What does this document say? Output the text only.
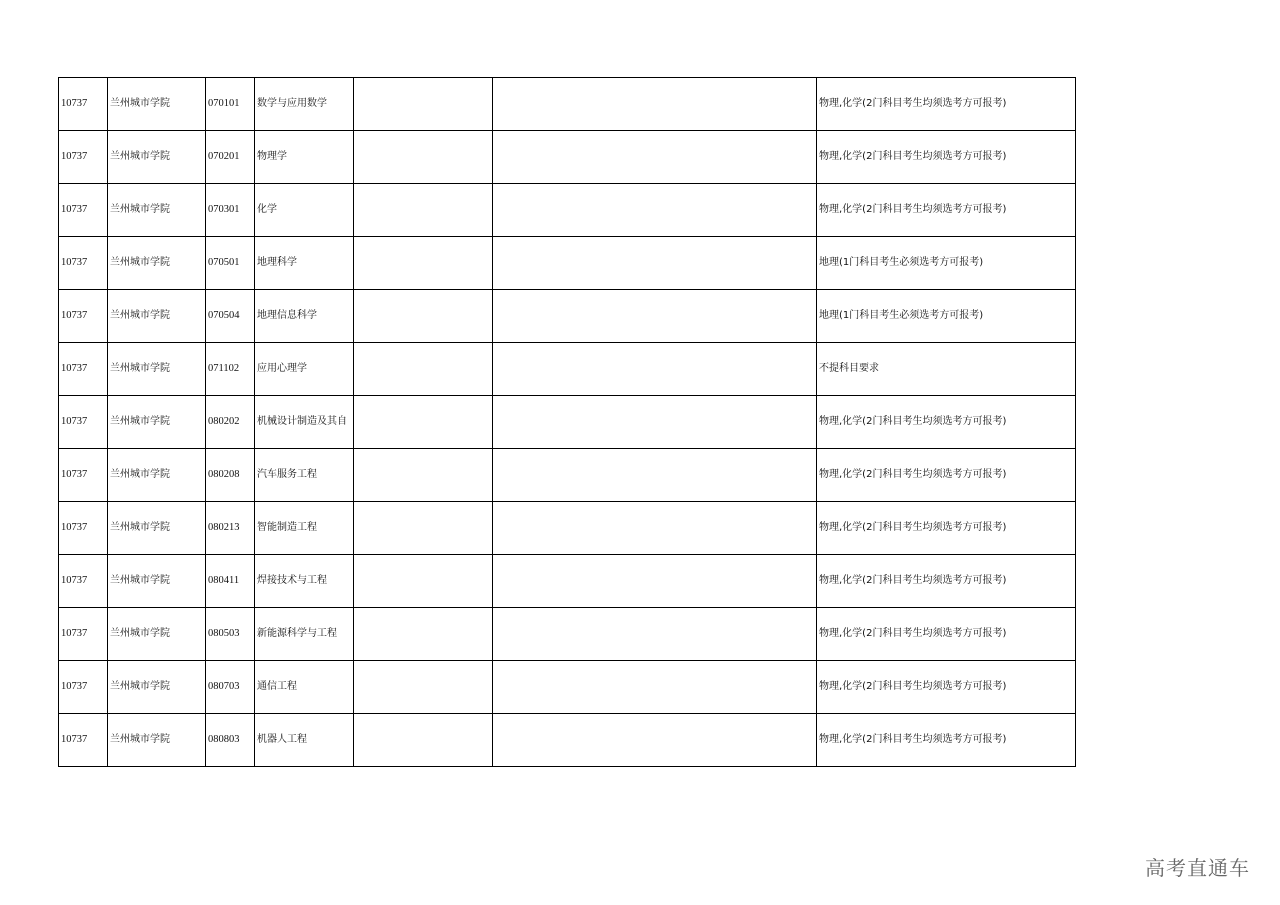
10737	兰州城市学院	070101	数学与应用数学			物理,化学(2门科目考生均须选考方可报考)
10737	兰州城市学院	070201	物理学			物理,化学(2门科目考生均须选考方可报考)
10737	兰州城市学院	070301	化学			物理,化学(2门科目考生均须选考方可报考)
10737	兰州城市学院	070501	地理科学			地理(1门科目考生必须选考方可报考)
10737	兰州城市学院	070504	地理信息科学			地理(1门科目考生必须选考方可报考)
10737	兰州城市学院	071102	应用心理学			不提科目要求
10737	兰州城市学院	080202	机械设计制造及其自			物理,化学(2门科目考生均须选考方可报考)
10737	兰州城市学院	080208	汽车服务工程			物理,化学(2门科目考生均须选考方可报考)
10737	兰州城市学院	080213	智能制造工程			物理,化学(2门科目考生均须选考方可报考)
10737	兰州城市学院	080411	焊接技术与工程			物理,化学(2门科目考生均须选考方可报考)
10737	兰州城市学院	080503	新能源科学与工程			物理,化学(2门科目考生均须选考方可报考)
10737	兰州城市学院	080703	通信工程			物理,化学(2门科目考生均须选考方可报考)
10737	兰州城市学院	080803	机器人工程			物理,化学(2门科目考生均须选考方可报考)
高考直通车
